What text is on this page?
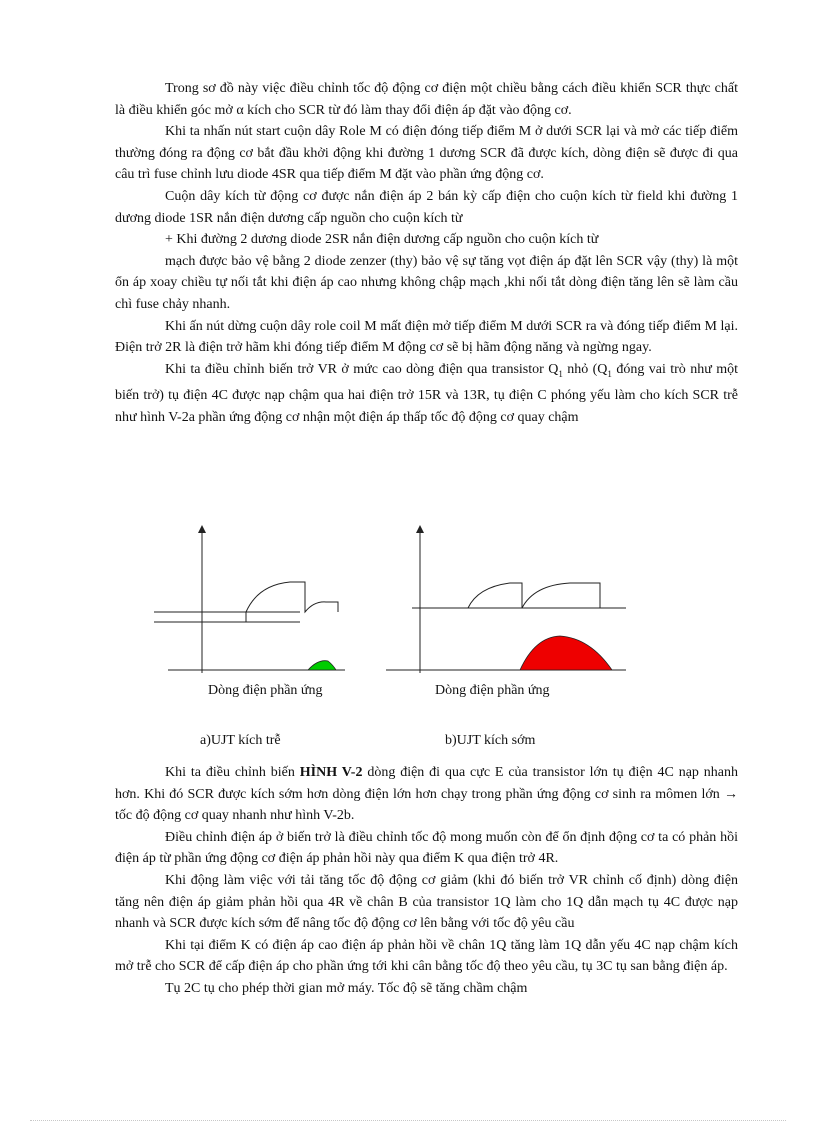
Trong sơ đồ này việc điều chỉnh tốc độ động cơ điện một chiều bằng cách điều khiển SCR thực chất là điều khiển góc mở α kích cho SCR từ đó làm thay đổi điện áp đặt vào động cơ.

Khi ta nhấn nút start cuộn dây Role M có điện đóng tiếp điểm M ở dưới SCR lại và mở các tiếp điểm thường đóng ra động cơ bắt đầu khởi động khi đường 1 dương SCR đã được kích, dòng điện sẽ được đi qua câu trì fuse chỉnh lưu diode 4SR qua tiếp điểm M đặt vào phần ứng động cơ.

Cuộn dây kích từ động cơ được nắn điện áp 2 bán kỳ cấp điện cho cuộn kích từ field khi đường 1 dương diode 1SR nắn điện dương cấp nguồn cho cuộn kích từ

+ Khi đường 2 dương diode 2SR nắn điện dương cấp nguồn cho cuộn kích từ

mạch được bảo vệ bằng 2 diode zenzer (thy) bảo vệ sự tăng vọt điện áp đặt lên SCR vậy (thy) là một ổn áp xoay chiều tự nối tắt khi điện áp cao nhưng không chập mạch ,khi nối tắt dòng điện tăng lên sẽ làm cầu chì fuse chảy nhanh.

Khi ấn nút dừng cuộn dây role coil M mất điện mở tiếp điểm M dưới SCR ra và đóng tiếp điểm M lại. Điện trở 2R là điện trở hãm khi đóng tiếp điểm M động cơ sẽ bị hãm động năng và ngừng ngay.

Khi ta điều chỉnh biến trở VR ở mức cao dòng điện qua transistor $Q_1$ nhỏ ($Q_1$ đóng vai trò như một biến trở) tụ điện 4C được nạp chậm qua hai điện trở 15R và 13R, tụ điện C phóng yếu làm cho kích SCR trễ như hình V-2a phần ứng động cơ nhận một điện áp thấp tốc độ động cơ quay chậm

Dòng điện phần ứng	Dòng điện phần ứng
a)UJT kích trễ	b)UJT kích sớm

Khi ta điều chỉnh biến HÌNH V-2 dòng điện đi qua cực E của transistor lớn tụ điện 4C nạp nhanh hơn. Khi đó SCR được kích sớm hơn dòng điện lớn hơn chạy trong phần ứng động cơ sinh ra mômen lớn → tốc độ động cơ quay nhanh như hình V-2b.

Điều chỉnh điện áp ở biến trở là điều chỉnh tốc độ mong muốn còn để ổn định động cơ ta có phản hồi điện áp từ phần ứng động cơ điện áp phản hồi này qua điểm K qua điện trở 4R.

Khi động làm việc với tải tăng tốc độ động cơ giảm (khi đó biến trở VR chỉnh cố định) dòng điện tăng nên điện áp giảm phản hồi qua 4R về chân B của transistor 1Q làm cho 1Q dẫn mạch tụ 4C được nạp nhanh và SCR được kích sớm để nâng tốc độ động cơ lên bằng với tốc độ yêu cầu

Khi tại điểm K có điện áp cao điện áp phản hồi về chân 1Q tăng làm 1Q dẫn yếu 4C nạp chậm kích mở trễ cho SCR để cấp điện áp cho phần ứng tới khi cân bằng tốc độ theo yêu cầu, tụ 3C tụ san bằng điện áp.

Tụ 2C tụ cho phép thời gian mở máy. Tốc độ sẽ tăng chầm chậm
